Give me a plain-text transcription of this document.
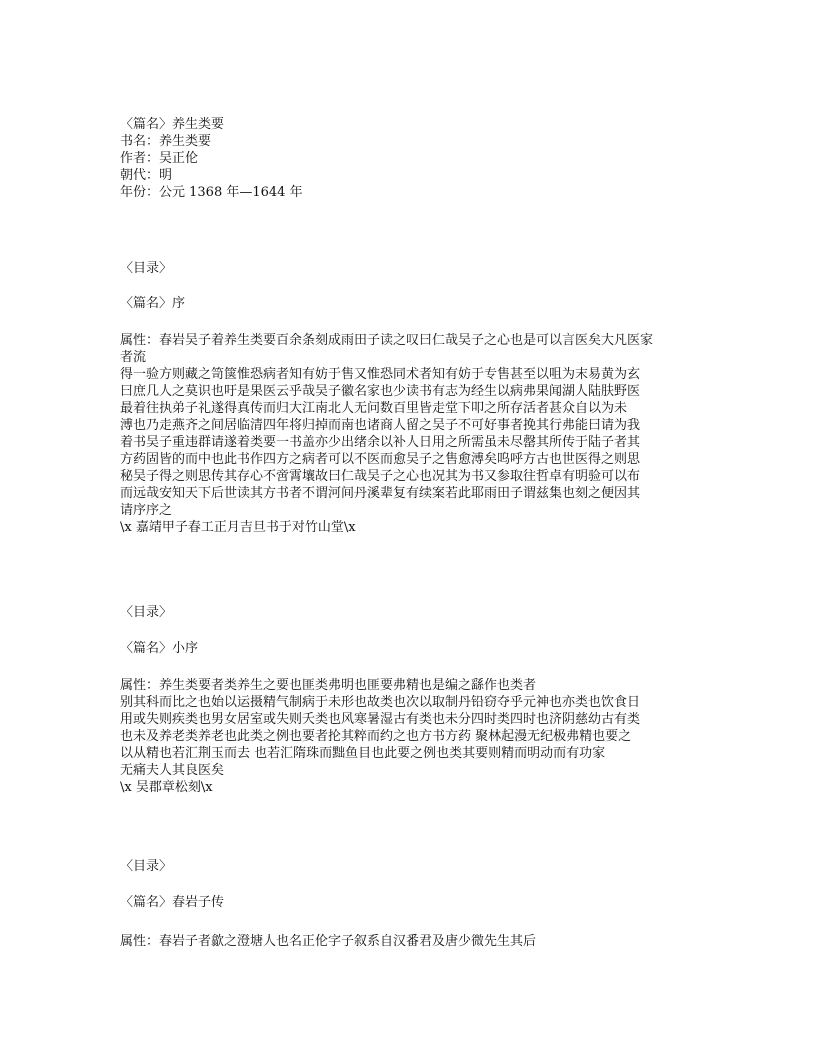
〈篇名〉养生类要
书名：养生类要
作者：吴正伦
朝代：明
年份：公元 1368 年—1644 年
〈目录〉
〈篇名〉序
属性：春岩吴子着养生类要百余条刻成雨田子读之叹曰仁哉吴子之心也是可以言医矣大凡医家
者流
得一验方则藏之笥箧惟恐病者知有妨于售又惟恐同术者知有妨于专售甚至以咀为末易黄为玄
曰庶几人之莫识也吁是果医云乎哉吴子徽名家也少读书有志为经生以病弗果闻湖人陆肤野医
最着往执弟子礼遂得真传而归大江南北人无问数百里皆走堂下叩之所存活者甚众自以为未
溥也乃走燕齐之间居临清四年将归掉而南也诸商人留之吴子不可好事者挽其行弗能曰请为我
着书吴子重违群请遂着类要一书盖亦少出绪余以补人日用之所需虽未尽罄其所传于陆子者其
方药固皆的而中也此书作四方之病者可以不医而愈吴子之售愈溥矣呜呼方古也世医得之则思
秘吴子得之则思传其存心不啻霄壤故曰仁哉吴子之心也况其为书又参取往哲卓有明验可以布
而远哉安知天下后世读其方书者不谓河间丹溪辈复有续案若此耶雨田子谓兹集也刻之便因其
请序序之
\x 嘉靖甲子春工正月吉旦书于对竹山堂\x
〈目录〉
〈篇名〉小序
属性：养生类要者类养生之要也匪类弗明也匪要弗精也是编之繇作也类者
别其科而比之也始以运摄精气制病于未形也故类也次以取制丹铅窃夺乎元神也亦类也饮食日
用或失则疾类也男女居室或失则夭类也风寒暑湿古有类也未分四时类四时也济阴慈幼古有类
也未及养老类养老也此类之例也要者抡其粹而约之也方书方药 聚林起漫无纪极弗精也要之
以从精也若汇荆玉而去 也若汇隋珠而黜鱼目也此要之例也类其要则精而明动而有功家
无痛夫人其良医矣
\x 吴郡章松刻\x
〈目录〉
〈篇名〉春岩子传
属性：春岩子者歙之澄塘人也名正伦字子叙系自汉番君及唐少微先生其后
